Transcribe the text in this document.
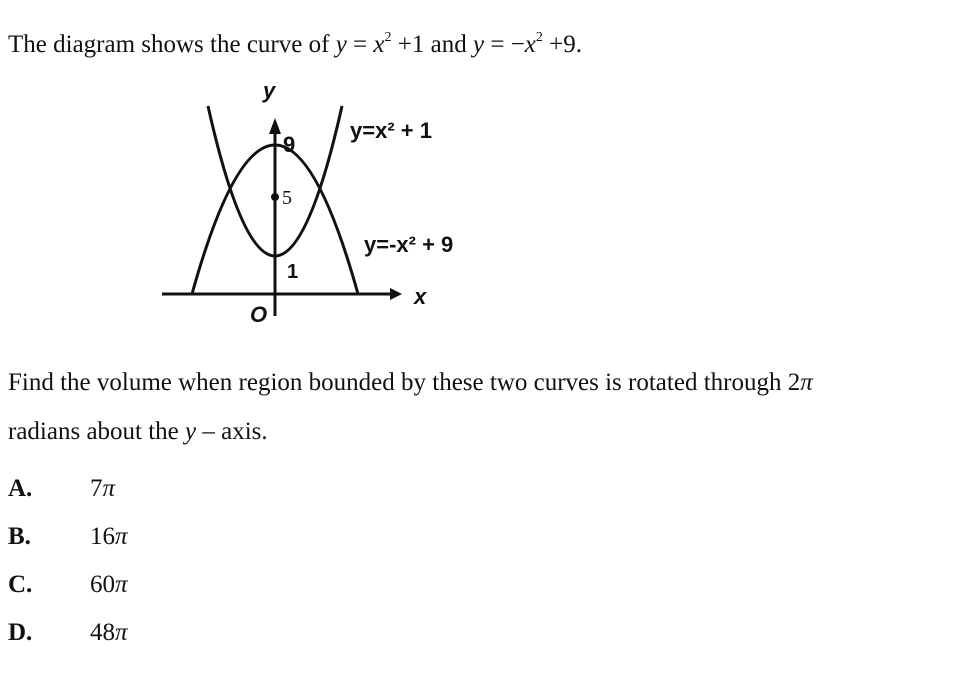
The diagram shows the curve of $y = x^2 +1$ and $y = -x^2 +9$.
y
9
5
1
O
x
y=x² + 1
y=-x² + 9
Find the volume when region bounded by these two curves is rotated through 2π
radians about the y – axis.
A. 7π
B. 16π
C. 60π
D. 48π
